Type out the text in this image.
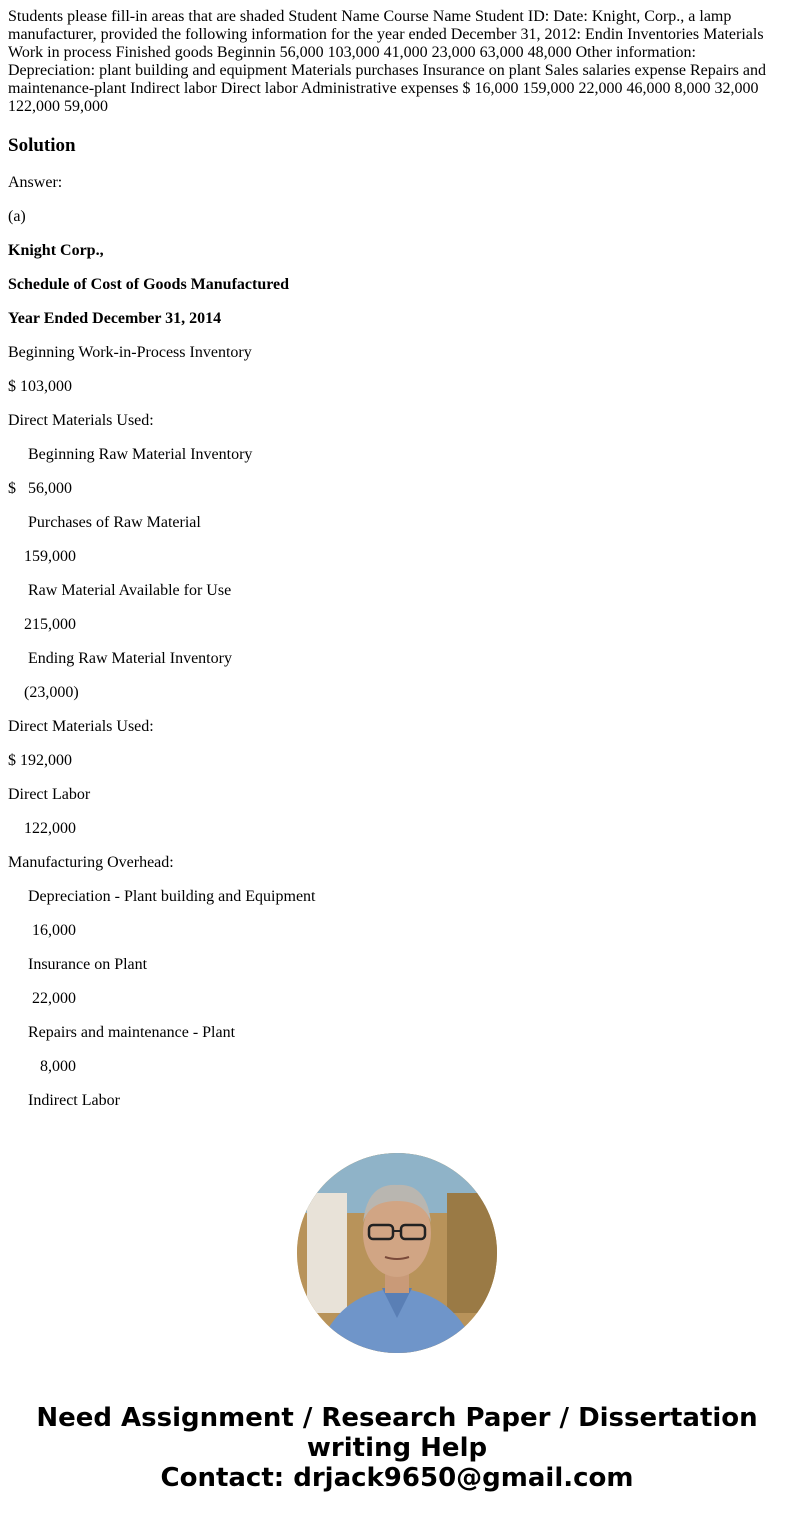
Students please fill-in areas that are shaded Student Name Course Name Student ID: Date: Knight, Corp., a lamp manufacturer, provided the following information for the year ended December 31, 2012: Endin Inventories Materials Work in process Finished goods Beginnin 56,000 103,000 41,000 23,000 63,000 48,000 Other information: Depreciation: plant building and equipment Materials purchases Insurance on plant Sales salaries expense Repairs and maintenance-plant Indirect labor Direct labor Administrative expenses $ 16,000 159,000 22,000 46,000 8,000 32,000 122,000 59,000

Solution

Answer:

(a)

Knight Corp.,

Schedule of Cost of Goods Manufactured

Year Ended December 31, 2014

Beginning Work-in-Process Inventory

$ 103,000

Direct Materials Used:

Beginning Raw Material Inventory

$   56,000

Purchases of Raw Material

159,000

Raw Material Available for Use

215,000

Ending Raw Material Inventory

(23,000)

Direct Materials Used:

$ 192,000

Direct Labor

122,000

Manufacturing Overhead:

Depreciation - Plant building and Equipment

16,000

Insurance on Plant

22,000

Repairs and maintenance - Plant

8,000

Indirect Labor

Need Assignment / Research Paper / Dissertation
writing Help
Contact: drjack9650@gmail.com
